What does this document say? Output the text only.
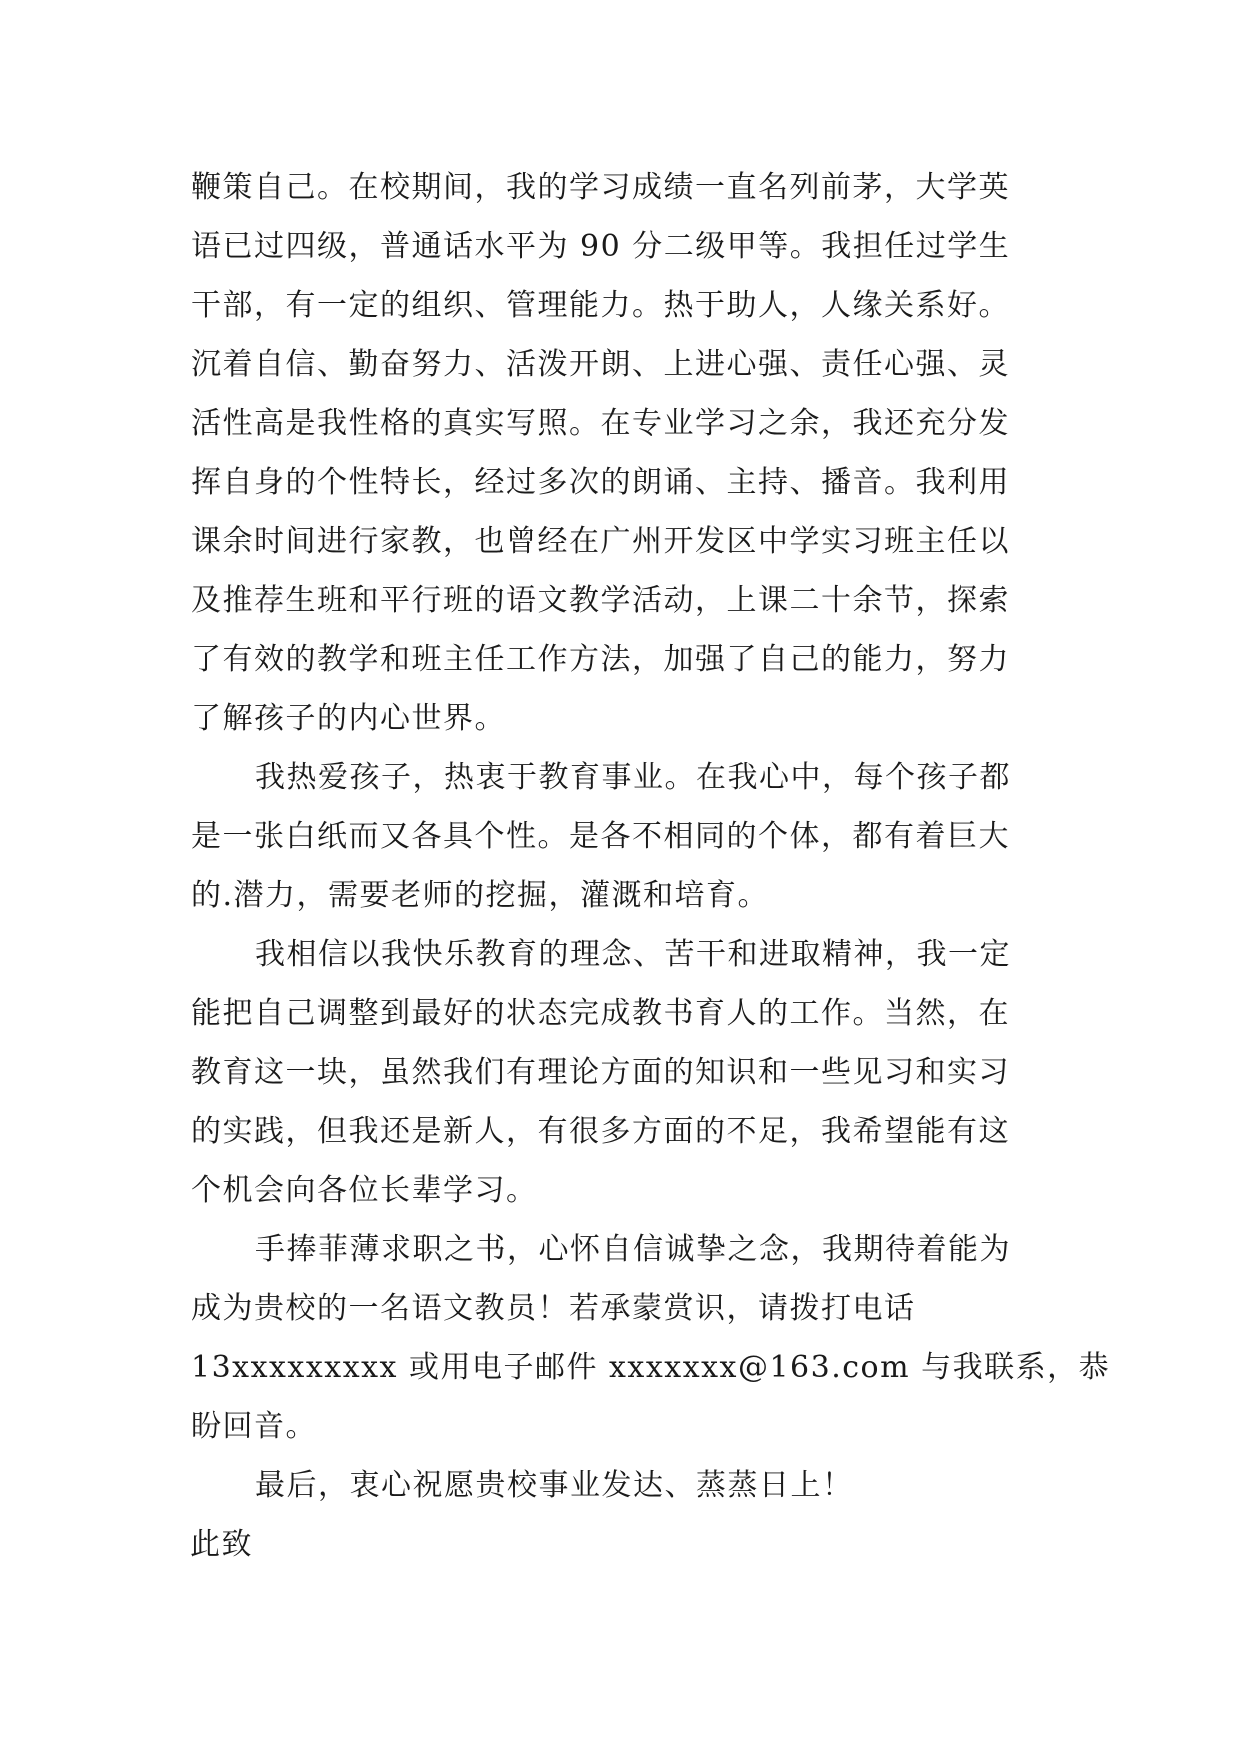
鞭策自己。在校期间，我的学习成绩一直名列前茅，大学英
语已过四级，普通话水平为 90 分二级甲等。我担任过学生
干部，有一定的组织、管理能力。热于助人，人缘关系好。
沉着自信、勤奋努力、活泼开朗、上进心强、责任心强、灵
活性高是我性格的真实写照。在专业学习之余，我还充分发
挥自身的个性特长，经过多次的朗诵、主持、播音。我利用
课余时间进行家教，也曾经在广州开发区中学实习班主任以
及推荐生班和平行班的语文教学活动，上课二十余节，探索
了有效的教学和班主任工作方法，加强了自己的能力，努力
了解孩子的内心世界。
我热爱孩子，热衷于教育事业。在我心中，每个孩子都
是一张白纸而又各具个性。是各不相同的个体，都有着巨大
的.潜力，需要老师的挖掘，灌溉和培育。
我相信以我快乐教育的理念、苦干和进取精神，我一定
能把自己调整到最好的状态完成教书育人的工作。当然，在
教育这一块，虽然我们有理论方面的知识和一些见习和实习
的实践，但我还是新人，有很多方面的不足，我希望能有这
个机会向各位长辈学习。
手捧菲薄求职之书，心怀自信诚挚之念，我期待着能为
成为贵校的一名语文教员！若承蒙赏识，请拨打电话
13xxxxxxxxx 或用电子邮件 xxxxxxx@163.com 与我联系，恭
盼回音。
最后，衷心祝愿贵校事业发达、蒸蒸日上！
此致
